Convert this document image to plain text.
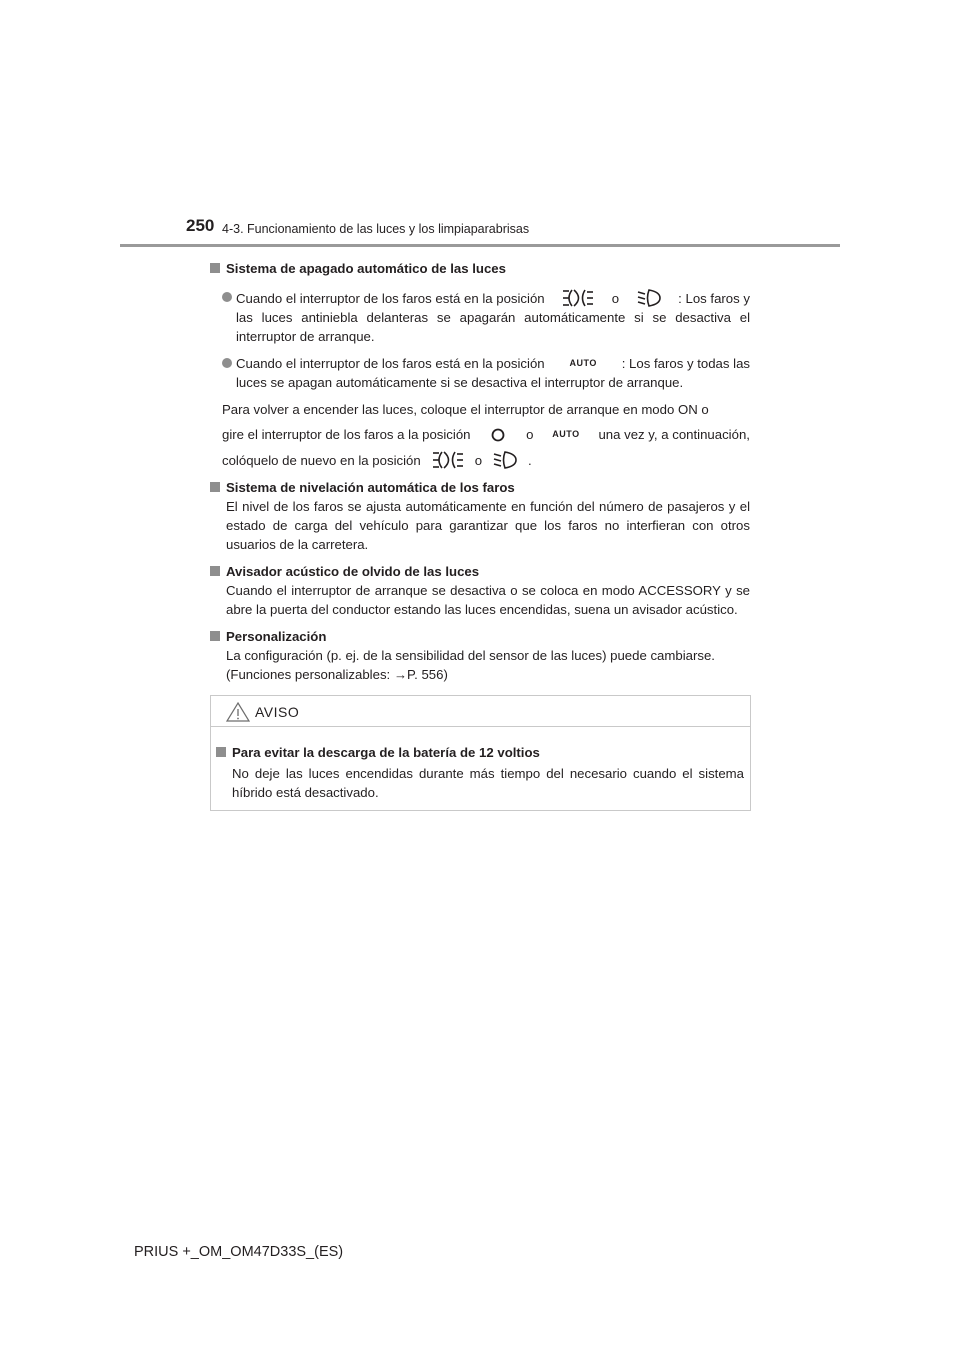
250 4-3. Funcionamiento de las luces y los limpiaparabrisas
Sistema de apagado automático de las luces
Cuando el interruptor de los faros está en la posición	o	: Los faros y
las luces antiniebla delanteras se apagarán automáticamente si se desactiva el interruptor de arranque.
Cuando el interruptor de los faros está en la posición	AUTO : Los faros y todas las
luces se apagan automáticamente si se desactiva el interruptor de arranque.
Para volver a encender las luces, coloque el interruptor de arranque en modo ON o
gire el interruptor de los faros a la posición	o AUTO una vez y, a continuación,
colóquelo de nuevo en la posición	o	.
Sistema de nivelación automática de los faros
El nivel de los faros se ajusta automáticamente en función del número de pasajeros y el estado de carga del vehículo para garantizar que los faros no interfieran con otros usuarios de la carretera.
Avisador acústico de olvido de las luces
Cuando el interruptor de arranque se desactiva o se coloca en modo ACCESSORY y se abre la puerta del conductor estando las luces encendidas, suena un avisador acústico.
Personalización
La configuración (p. ej. de la sensibilidad del sensor de las luces) puede cambiarse.
(Funciones personalizables: →P. 556)
AVISO
Para evitar la descarga de la batería de 12 voltios
No deje las luces encendidas durante más tiempo del necesario cuando el sistema híbrido está desactivado.
PRIUS +_OM_OM47D33S_(ES)
